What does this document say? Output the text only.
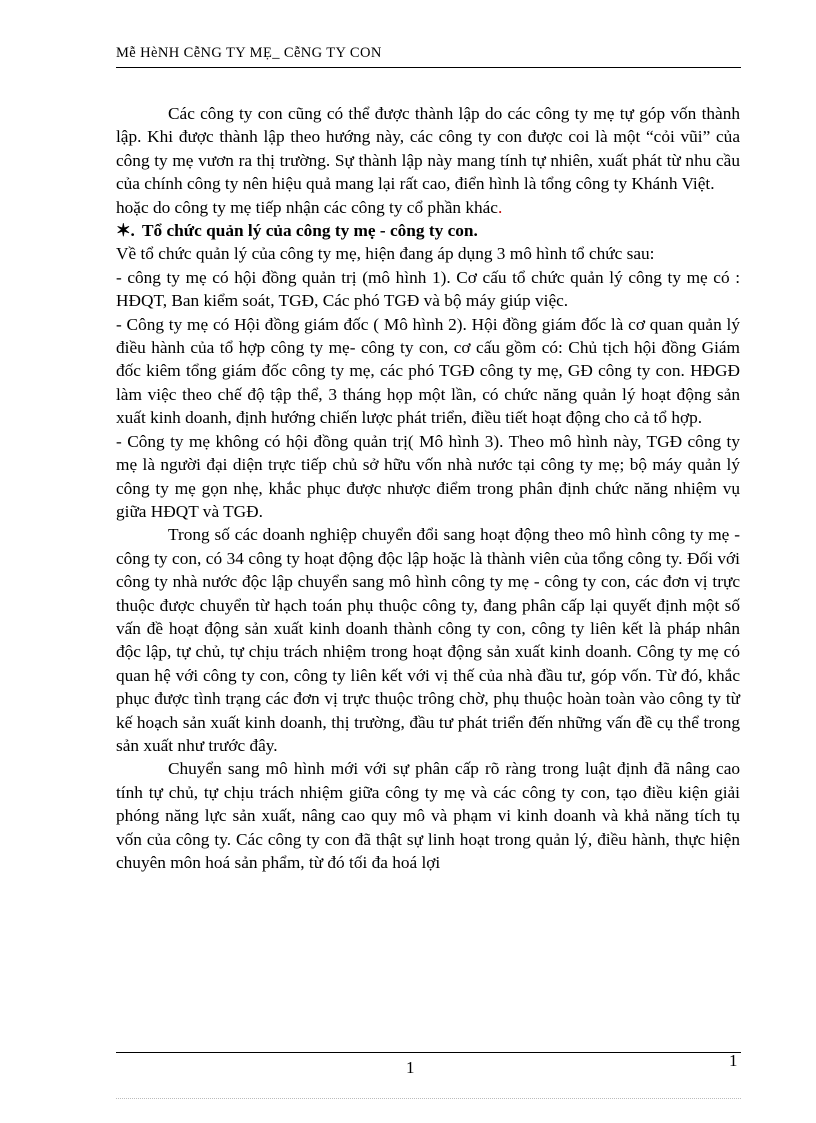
Mễ HèNH CễNG TY MẸ_ CễNG TY CON

Các công ty con cũng có thể được thành lập do các công ty mẹ tự góp vốn thành lập. Khi được thành lập theo hướng này, các công ty con được coi là một “cỏi vũi” của công ty mẹ vươn ra thị trường. Sự thành lập này mang tính tự nhiên, xuất phát từ nhu cầu của chính công ty nên hiệu quả mang lại rất cao, điển hình là tổng công ty Khánh Việt.

hoặc do công ty mẹ tiếp nhận các công ty cổ phần khác.

✶. Tổ chức quản lý của công ty mẹ - công ty con.

Về tổ chức quản lý của công ty mẹ, hiện đang áp dụng 3 mô hình tổ chức sau:

- công ty mẹ có hội đồng quản trị (mô hình 1). Cơ cấu tổ chức quản lý công ty mẹ có : HĐQT, Ban kiểm soát, TGĐ, Các phó TGĐ và bộ máy giúp việc.

- Công ty mẹ có Hội đồng giám đốc ( Mô hình 2). Hội đồng giám đốc là cơ quan quản lý điều hành của tổ hợp công ty mẹ- công ty con, cơ cấu gồm có: Chủ tịch hội đồng Giám đốc kiêm tổng giám đốc công ty mẹ, các phó TGĐ công ty mẹ, GĐ công ty con. HĐGĐ làm việc theo chế độ tập thể, 3 tháng họp một lần, có chức năng quản lý hoạt động sản xuất kinh doanh, định hướng chiến lược phát triển, điều tiết hoạt động cho cả tổ hợp.

- Công ty mẹ không có hội đồng quản trị( Mô hình 3). Theo mô hình này, TGĐ công ty mẹ là người đại diện trực tiếp chủ sở hữu vốn nhà nước tại công ty mẹ; bộ máy quản lý công ty mẹ gọn nhẹ, khắc phục được nhược điểm trong phân định chức năng nhiệm vụ giữa HĐQT và TGĐ.

Trong số các doanh nghiệp chuyển đổi sang hoạt động theo mô hình công ty mẹ - công ty con, có 34 công ty hoạt động độc lập hoặc là thành viên của tổng công ty. Đối với công ty nhà nước độc lập chuyển sang mô hình công ty mẹ - công ty con, các đơn vị trực thuộc được chuyển từ hạch toán phụ thuộc công ty, đang phân cấp lại quyết định một số vấn đề hoạt động sản xuất kinh doanh thành công ty con, công ty liên kết là pháp nhân độc lập, tự chủ, tự chịu trách nhiệm trong hoạt động sản xuất kinh doanh. Công ty mẹ có quan hệ với công ty con, công ty liên kết với vị thế của nhà đầu tư, góp vốn. Từ đó, khắc phục được tình trạng các đơn vị trực thuộc trông chờ, phụ thuộc hoàn toàn vào công ty từ kế hoạch sản xuất kinh doanh, thị trường, đầu tư phát triển đến những vấn đề cụ thể trong sản xuất như trước đây.

Chuyển sang mô hình mới với sự phân cấp rõ ràng trong luật định đã nâng cao tính tự chủ, tự chịu trách nhiệm giữa công ty mẹ và các công ty con, tạo điều kiện giải phóng năng lực sản xuất, nâng cao quy mô và phạm vi kinh doanh và khả năng tích tụ vốn của công ty. Các công ty con đã thật sự linh hoạt trong quản lý, điều hành, thực hiện chuyên môn hoá sản phẩm, từ đó tối đa hoá lợi

1	1
